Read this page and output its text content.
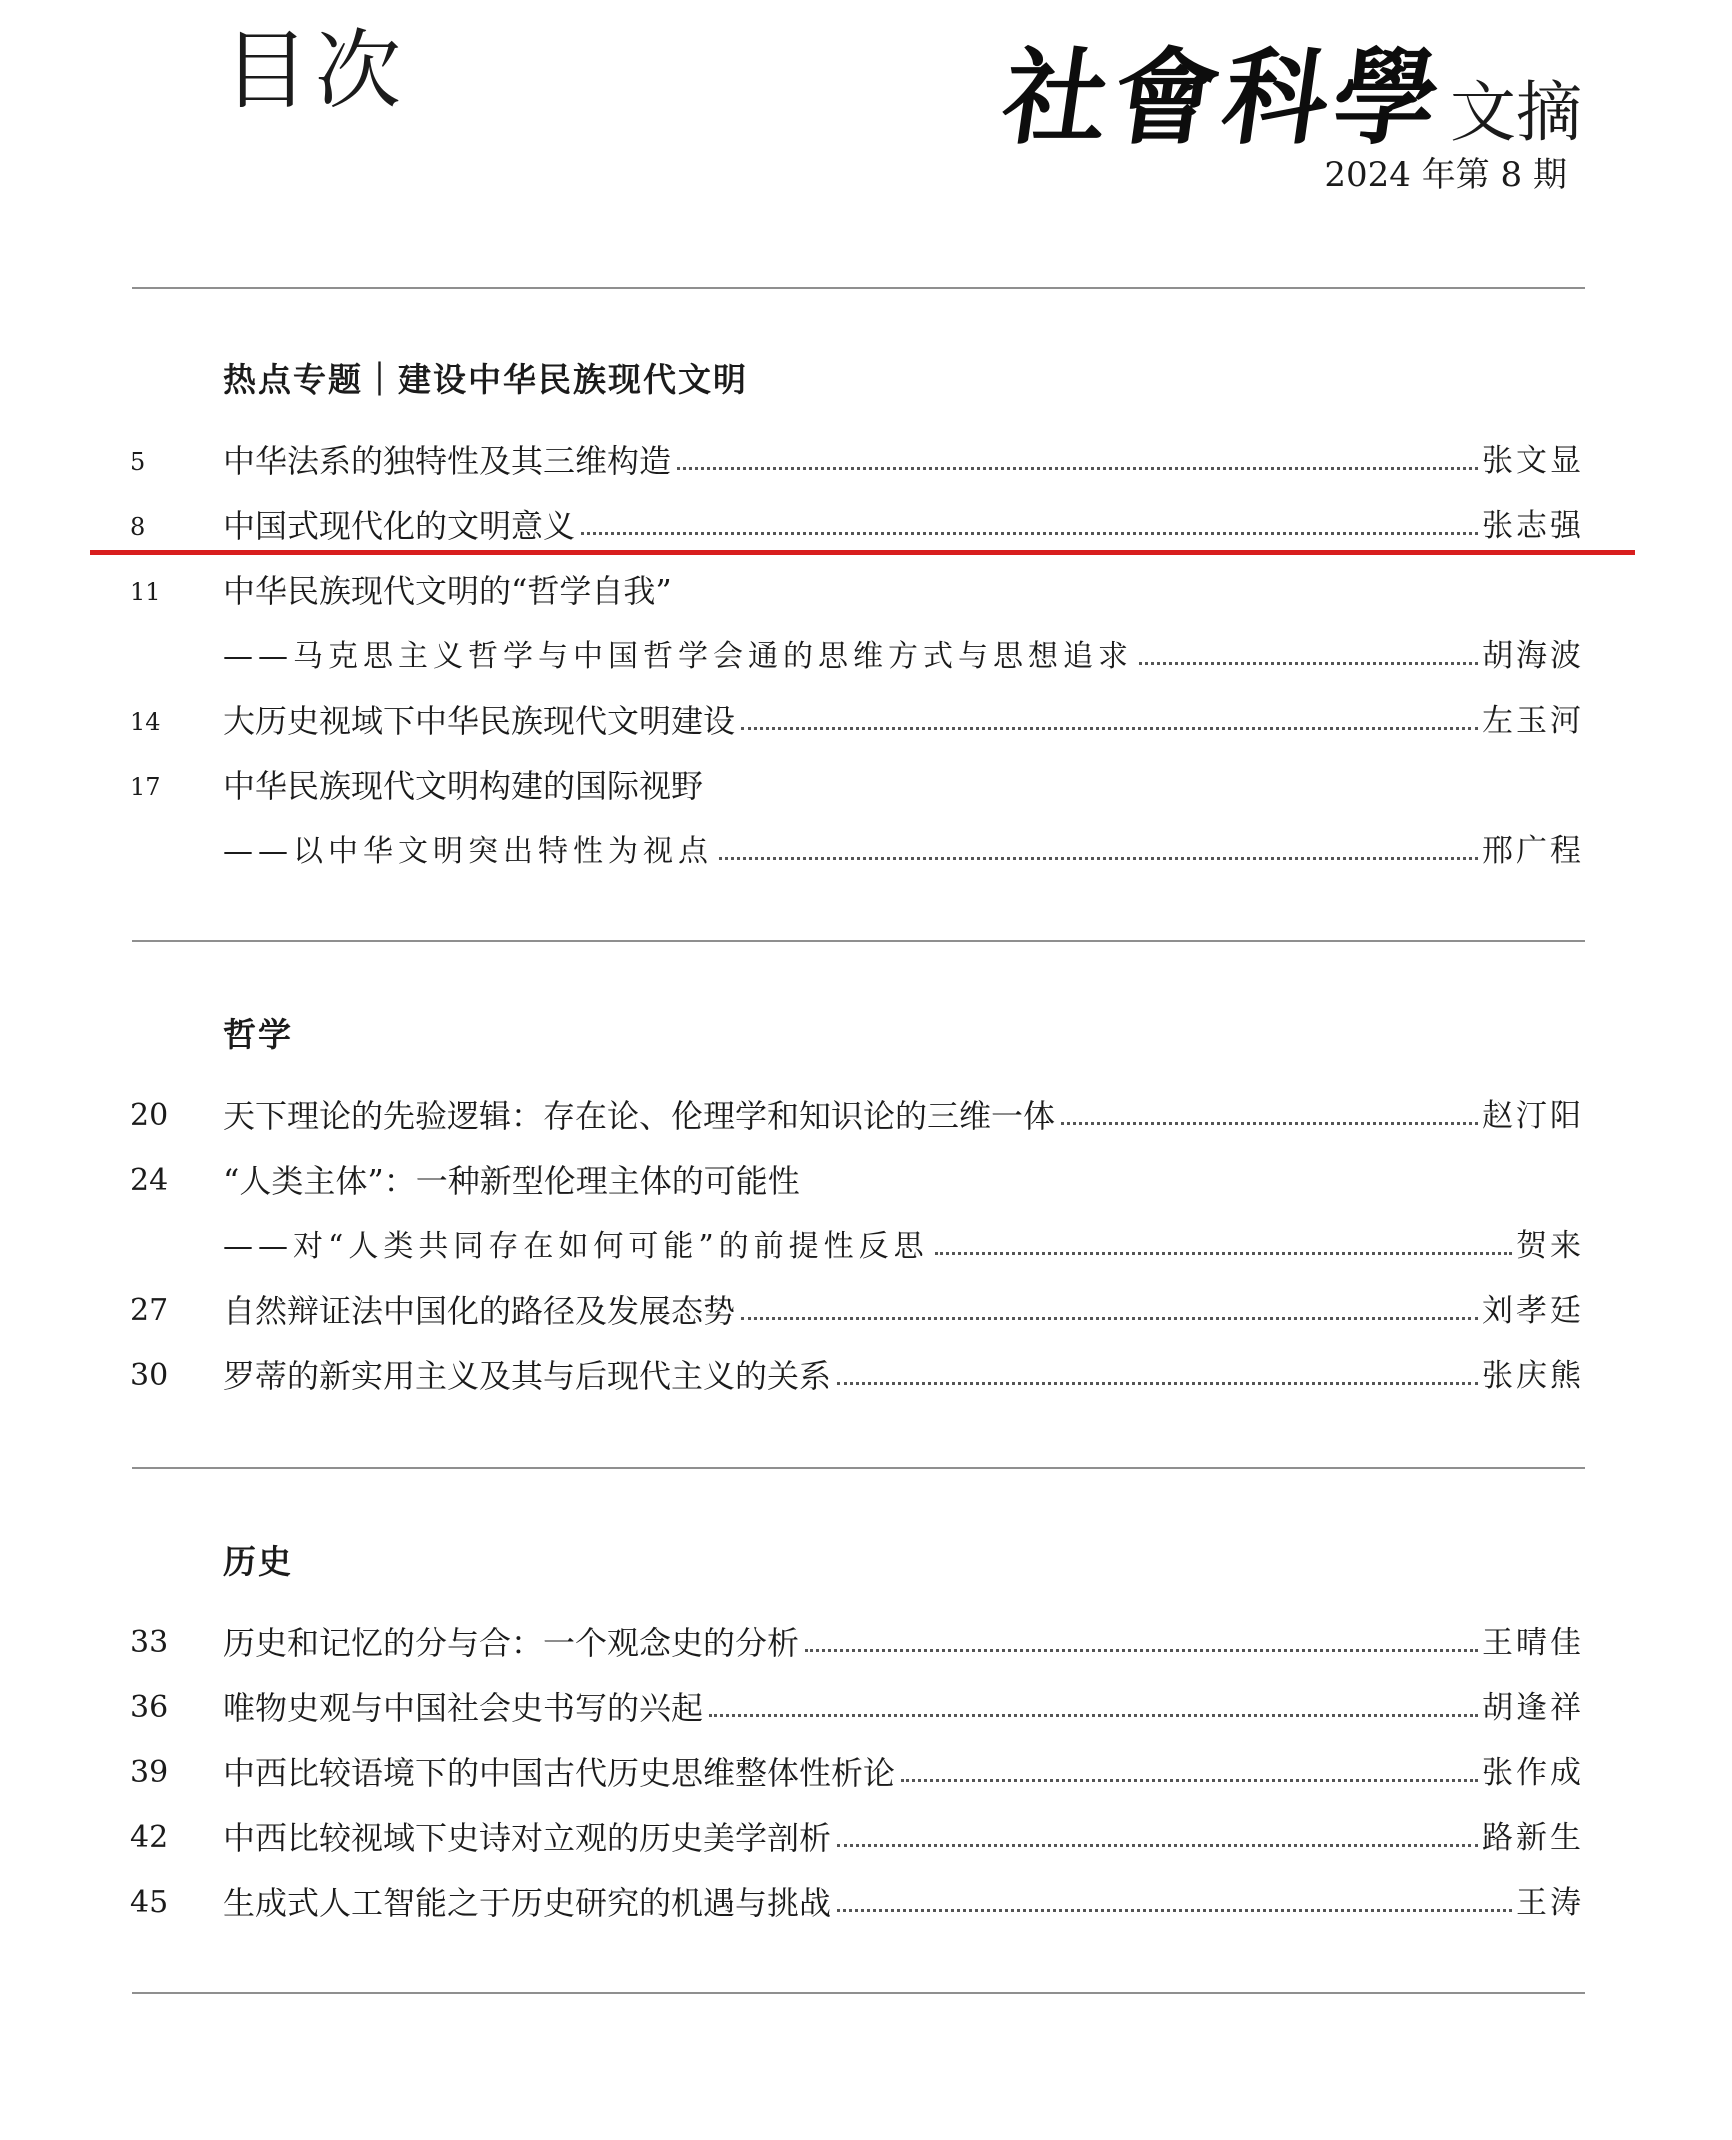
目次	社會科學
文摘
2024 年第 8 期
热点专题｜建设中华民族现代文明
5	中华法系的独特性及其三维构造	张文显
8	中国式现代化的文明意义	张志强
11	中华民族现代文明的“哲学自我”
——马克思主义哲学与中国哲学会通的思维方式与思想追求	胡海波
14	大历史视域下中华民族现代文明建设	左玉河
17	中华民族现代文明构建的国际视野
——以中华文明突出特性为视点	邢广程
哲学
20	天下理论的先验逻辑：存在论、伦理学和知识论的三维一体	赵汀阳
24	“人类主体”：一种新型伦理主体的可能性
——对“人类共同存在如何可能”的前提性反思	贺来
27	自然辩证法中国化的路径及发展态势	刘孝廷
30	罗蒂的新实用主义及其与后现代主义的关系	张庆熊
历史
33	历史和记忆的分与合：一个观念史的分析	王晴佳
36	唯物史观与中国社会史书写的兴起	胡逢祥
39	中西比较语境下的中国古代历史思维整体性析论	张作成
42	中西比较视域下史诗对立观的历史美学剖析	路新生
45	生成式人工智能之于历史研究的机遇与挑战	王涛
